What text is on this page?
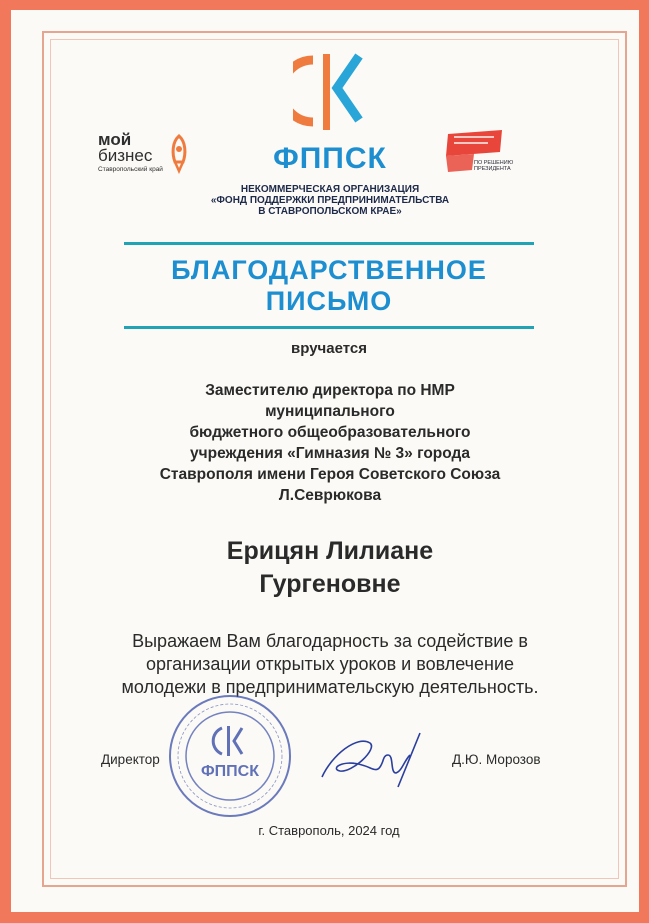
ФППСК
НЕКОММЕРЧЕСКАЯ ОРГАНИЗАЦИЯ
«ФОНД ПОДДЕРЖКИ ПРЕДПРИНИМАТЕЛЬСТВА
В СТАВРОПОЛЬСКОМ КРАЕ»
мой
бизнес
Ставропольский край
ПО РЕШЕНИЮ
ПРЕЗИДЕНТА
БЛАГОДАРСТВЕННОЕ
ПИСЬМО
вручается
Заместителю директора по НМР
муниципального
бюджетного общеобразовательного
учреждения «Гимназия № 3» города
Ставрополя имени Героя Советского Союза
Л.Севрюкова
Ерицян Лилиане
Гургеновне
Выражаем Вам благодарность за содействие в
организации открытых уроков и вовлечение
молодежи в предпринимательскую деятельность.
ФППСК
Директор	Д.Ю. Морозов
г. Ставрополь, 2024 год
